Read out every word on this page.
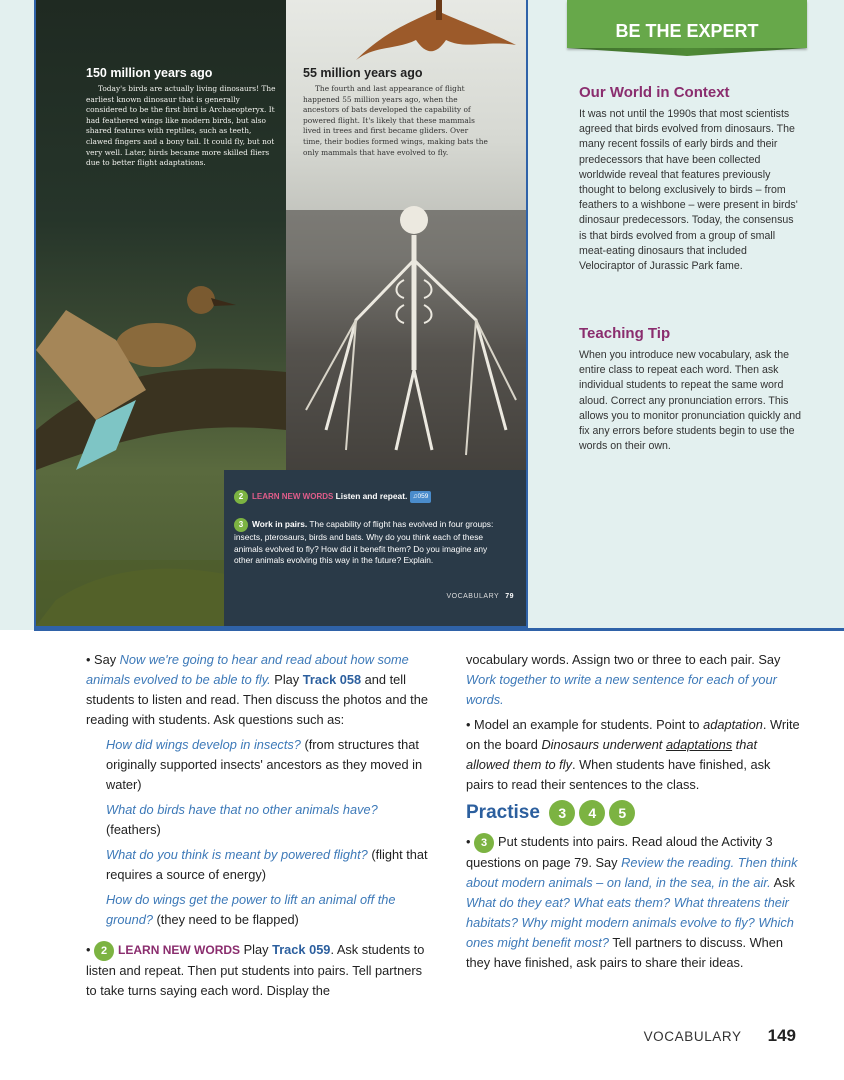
150 million years ago
Today's birds are actually living dinosaurs! The earliest known dinosaur that is generally considered to be the first bird is Archaeopteryx. It had feathered wings like modern birds, but also shared features with reptiles, such as teeth, clawed fingers and a bony tail. It could fly, but not very well. Later, birds became more skilled fliers due to better flight adaptations.
55 million years ago
The fourth and last appearance of flight happened 55 million years ago, when the ancestors of bats developed the capability of powered flight. It's likely that these mammals lived in trees and first became gliders. Over time, their bodies formed wings, making bats the only mammals that have evolved to fly.
2 LEARN NEW WORDS Listen and repeat. ♫059
3 Work in pairs. The capability of flight has evolved in four groups: insects, pterosaurs, birds and bats. Why do you think each of these animals evolved to fly? How did it benefit them? Do you imagine any other animals evolving this way in the future? Explain.
VOCABULARY 79
BE THE EXPERT
Our World in Context

It was not until the 1990s that most scientists agreed that birds evolved from dinosaurs. The many recent fossils of early birds and their predecessors that have been collected worldwide reveal that features previously thought to belong exclusively to birds – from feathers to a wishbone – were present in birds' dinosaur predecessors. Today, the consensus is that birds evolved from a group of small meat-eating dinosaurs that included Velociraptor of Jurassic Park fame.

Teaching Tip

When you introduce new vocabulary, ask the entire class to repeat each word. Then ask individual students to repeat the same word aloud. Correct any pronunciation errors. This allows you to monitor pronunciation quickly and fix any errors before students begin to use the words on their own.

• Say Now we're going to hear and read about how some animals evolved to be able to fly. Play Track 058 and tell students to listen and read. Then discuss the photos and the reading with students. Ask questions such as:

How did wings develop in insects? (from structures that originally supported insects' ancestors as they moved in water)

What do birds have that no other animals have? (feathers)

What do you think is meant by powered flight? (flight that requires a source of energy)

How do wings get the power to lift an animal off the ground? (they need to be flapped)

• 2 LEARN NEW WORDS Play Track 059. Ask students to listen and repeat. Then put students into pairs. Tell partners to take turns saying each word. Display the

vocabulary words. Assign two or three to each pair. Say Work together to write a new sentence for each of your words.

• Model an example for students. Point to adaptation. Write on the board Dinosaurs underwent adaptations that allowed them to fly. When students have finished, ask pairs to read their sentences to the class.

Practise 3 4 5

• 3 Put students into pairs. Read aloud the Activity 3 questions on page 79. Say Review the reading. Then think about modern animals – on land, in the sea, in the air. Ask What do they eat? What eats them? What threatens their habitats? Why might modern animals evolve to fly? Which ones might benefit most? Tell partners to discuss. When they have finished, ask pairs to share their ideas.

VOCABULARY 149
